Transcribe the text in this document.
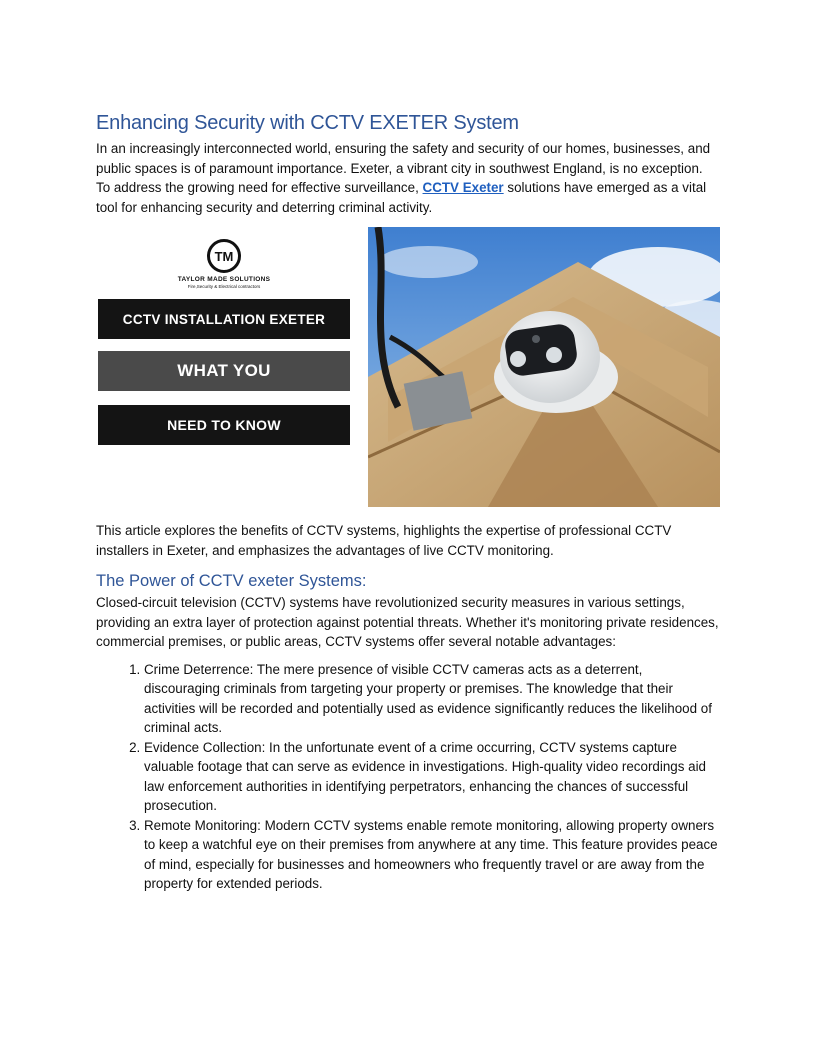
Enhancing Security with CCTV EXETER System

In an increasingly interconnected world, ensuring the safety and security of our homes, businesses, and public spaces is of paramount importance. Exeter, a vibrant city in southwest England, is no exception. To address the growing need for effective surveillance, CCTV Exeter solutions have emerged as a vital tool for enhancing security and deterring criminal activity.

TM
TAYLOR MADE SOLUTIONS
Fire,Security & Electrical contractors
CCTV INSTALLATION EXETER
WHAT YOU
NEED TO KNOW

This article explores the benefits of CCTV systems, highlights the expertise of professional CCTV installers in Exeter, and emphasizes the advantages of live CCTV monitoring.

The Power of CCTV exeter Systems:

Closed-circuit television (CCTV) systems have revolutionized security measures in various settings, providing an extra layer of protection against potential threats. Whether it's monitoring private residences, commercial premises, or public areas, CCTV systems offer several notable advantages:

1. Crime Deterrence: The mere presence of visible CCTV cameras acts as a deterrent, discouraging criminals from targeting your property or premises. The knowledge that their activities will be recorded and potentially used as evidence significantly reduces the likelihood of criminal acts.
2. Evidence Collection: In the unfortunate event of a crime occurring, CCTV systems capture valuable footage that can serve as evidence in investigations. High-quality video recordings aid law enforcement authorities in identifying perpetrators, enhancing the chances of successful prosecution.
3. Remote Monitoring: Modern CCTV systems enable remote monitoring, allowing property owners to keep a watchful eye on their premises from anywhere at any time. This feature provides peace of mind, especially for businesses and homeowners who frequently travel or are away from the property for extended periods.
